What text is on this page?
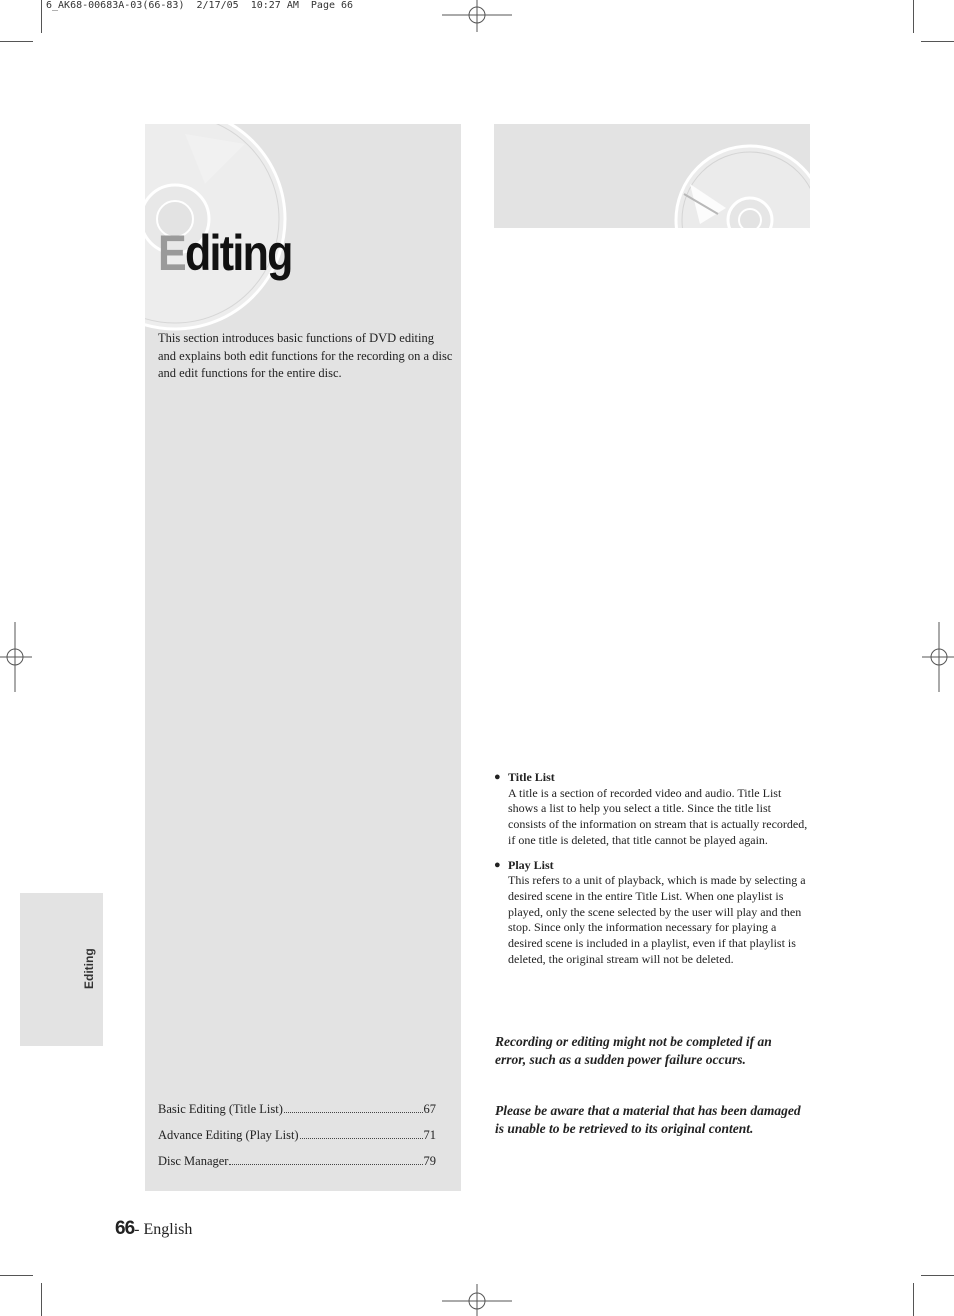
6_AK68-00683A-03(66-83)  2/17/05  10:27 AM  Page 66
Editing
This section introduces basic functions of DVD editing and explains both edit functions for the recording on a disc and edit functions for the entire disc.
Basic Editing (Title List)	67
Advance Editing (Play List)	71
Disc Manager	79
Editing
● Title List
A title is a section of recorded video and audio. Title List shows a list to help you select a title. Since the title list consists of the information on stream that is actually recorded, if one title is deleted, that title cannot be played again.
● Play List
This refers to a unit of playback, which is made by selecting a desired scene in the entire Title List. When one playlist is played, only the scene selected by the user will play and then stop. Since only the information necessary for playing a desired scene is included in a playlist, even if that playlist is deleted, the original stream will not be deleted.
Recording or editing might not be completed if an error, such as a sudden power failure occurs.
Please be aware that a material that has been damaged is unable to be retrieved to its original content.
66- English
